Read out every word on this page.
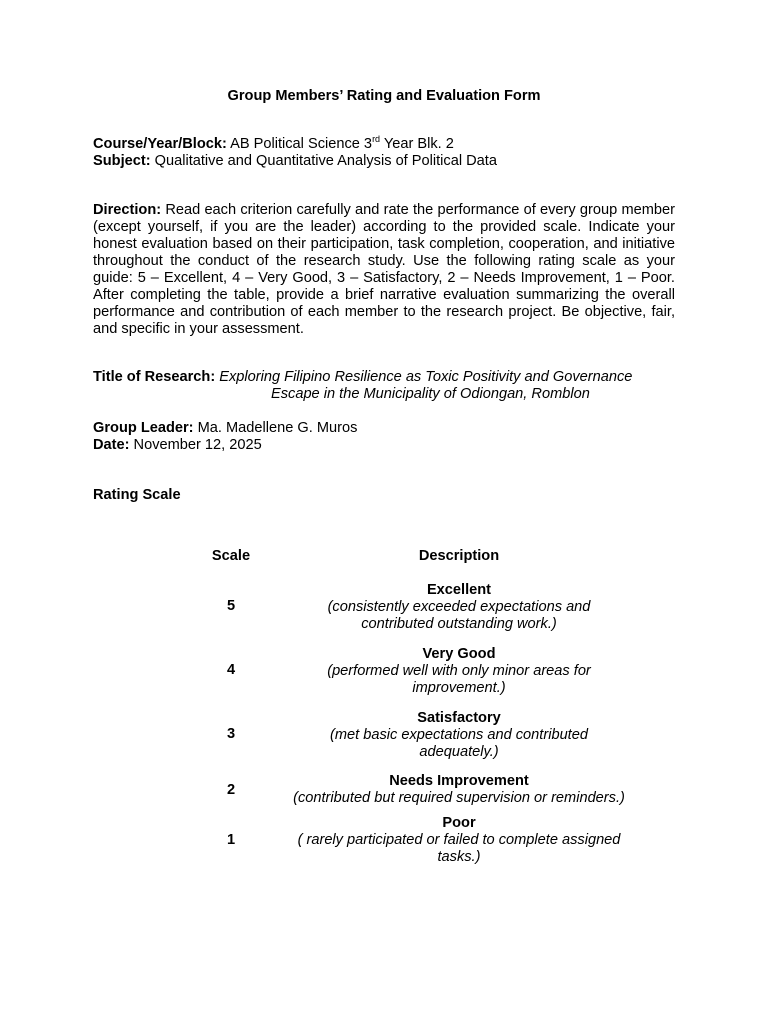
Group Members’ Rating and Evaluation Form
Course/Year/Block: AB Political Science 3rd Year Blk. 2
Subject: Qualitative and Quantitative Analysis of Political Data
Direction: Read each criterion carefully and rate the performance of every group member (except yourself, if you are the leader) according to the provided scale. Indicate your honest evaluation based on their participation, task completion, cooperation, and initiative throughout the conduct of the research study. Use the following rating scale as your guide: 5 – Excellent, 4 – Very Good, 3 – Satisfactory, 2 – Needs Improvement, 1 – Poor. After completing the table, provide a brief narrative evaluation summarizing the overall performance and contribution of each member to the research project. Be objective, fair, and specific in your assessment.
Title of Research: Exploring Filipino Resilience as Toxic Positivity and Governance
Escape in the Municipality of Odiongan, Romblon
Group Leader: Ma. Madellene G. Muros
Date: November 12, 2025
Rating Scale
Scale	Description
5
Excellent
(consistently exceeded expectations and contributed outstanding work.)
4
Very Good
(performed well with only minor areas for improvement.)
3
Satisfactory
(met basic expectations and contributed adequately.)
2
Needs Improvement
(contributed but required supervision or reminders.)
1
Poor
( rarely participated or failed to complete assigned tasks.)
